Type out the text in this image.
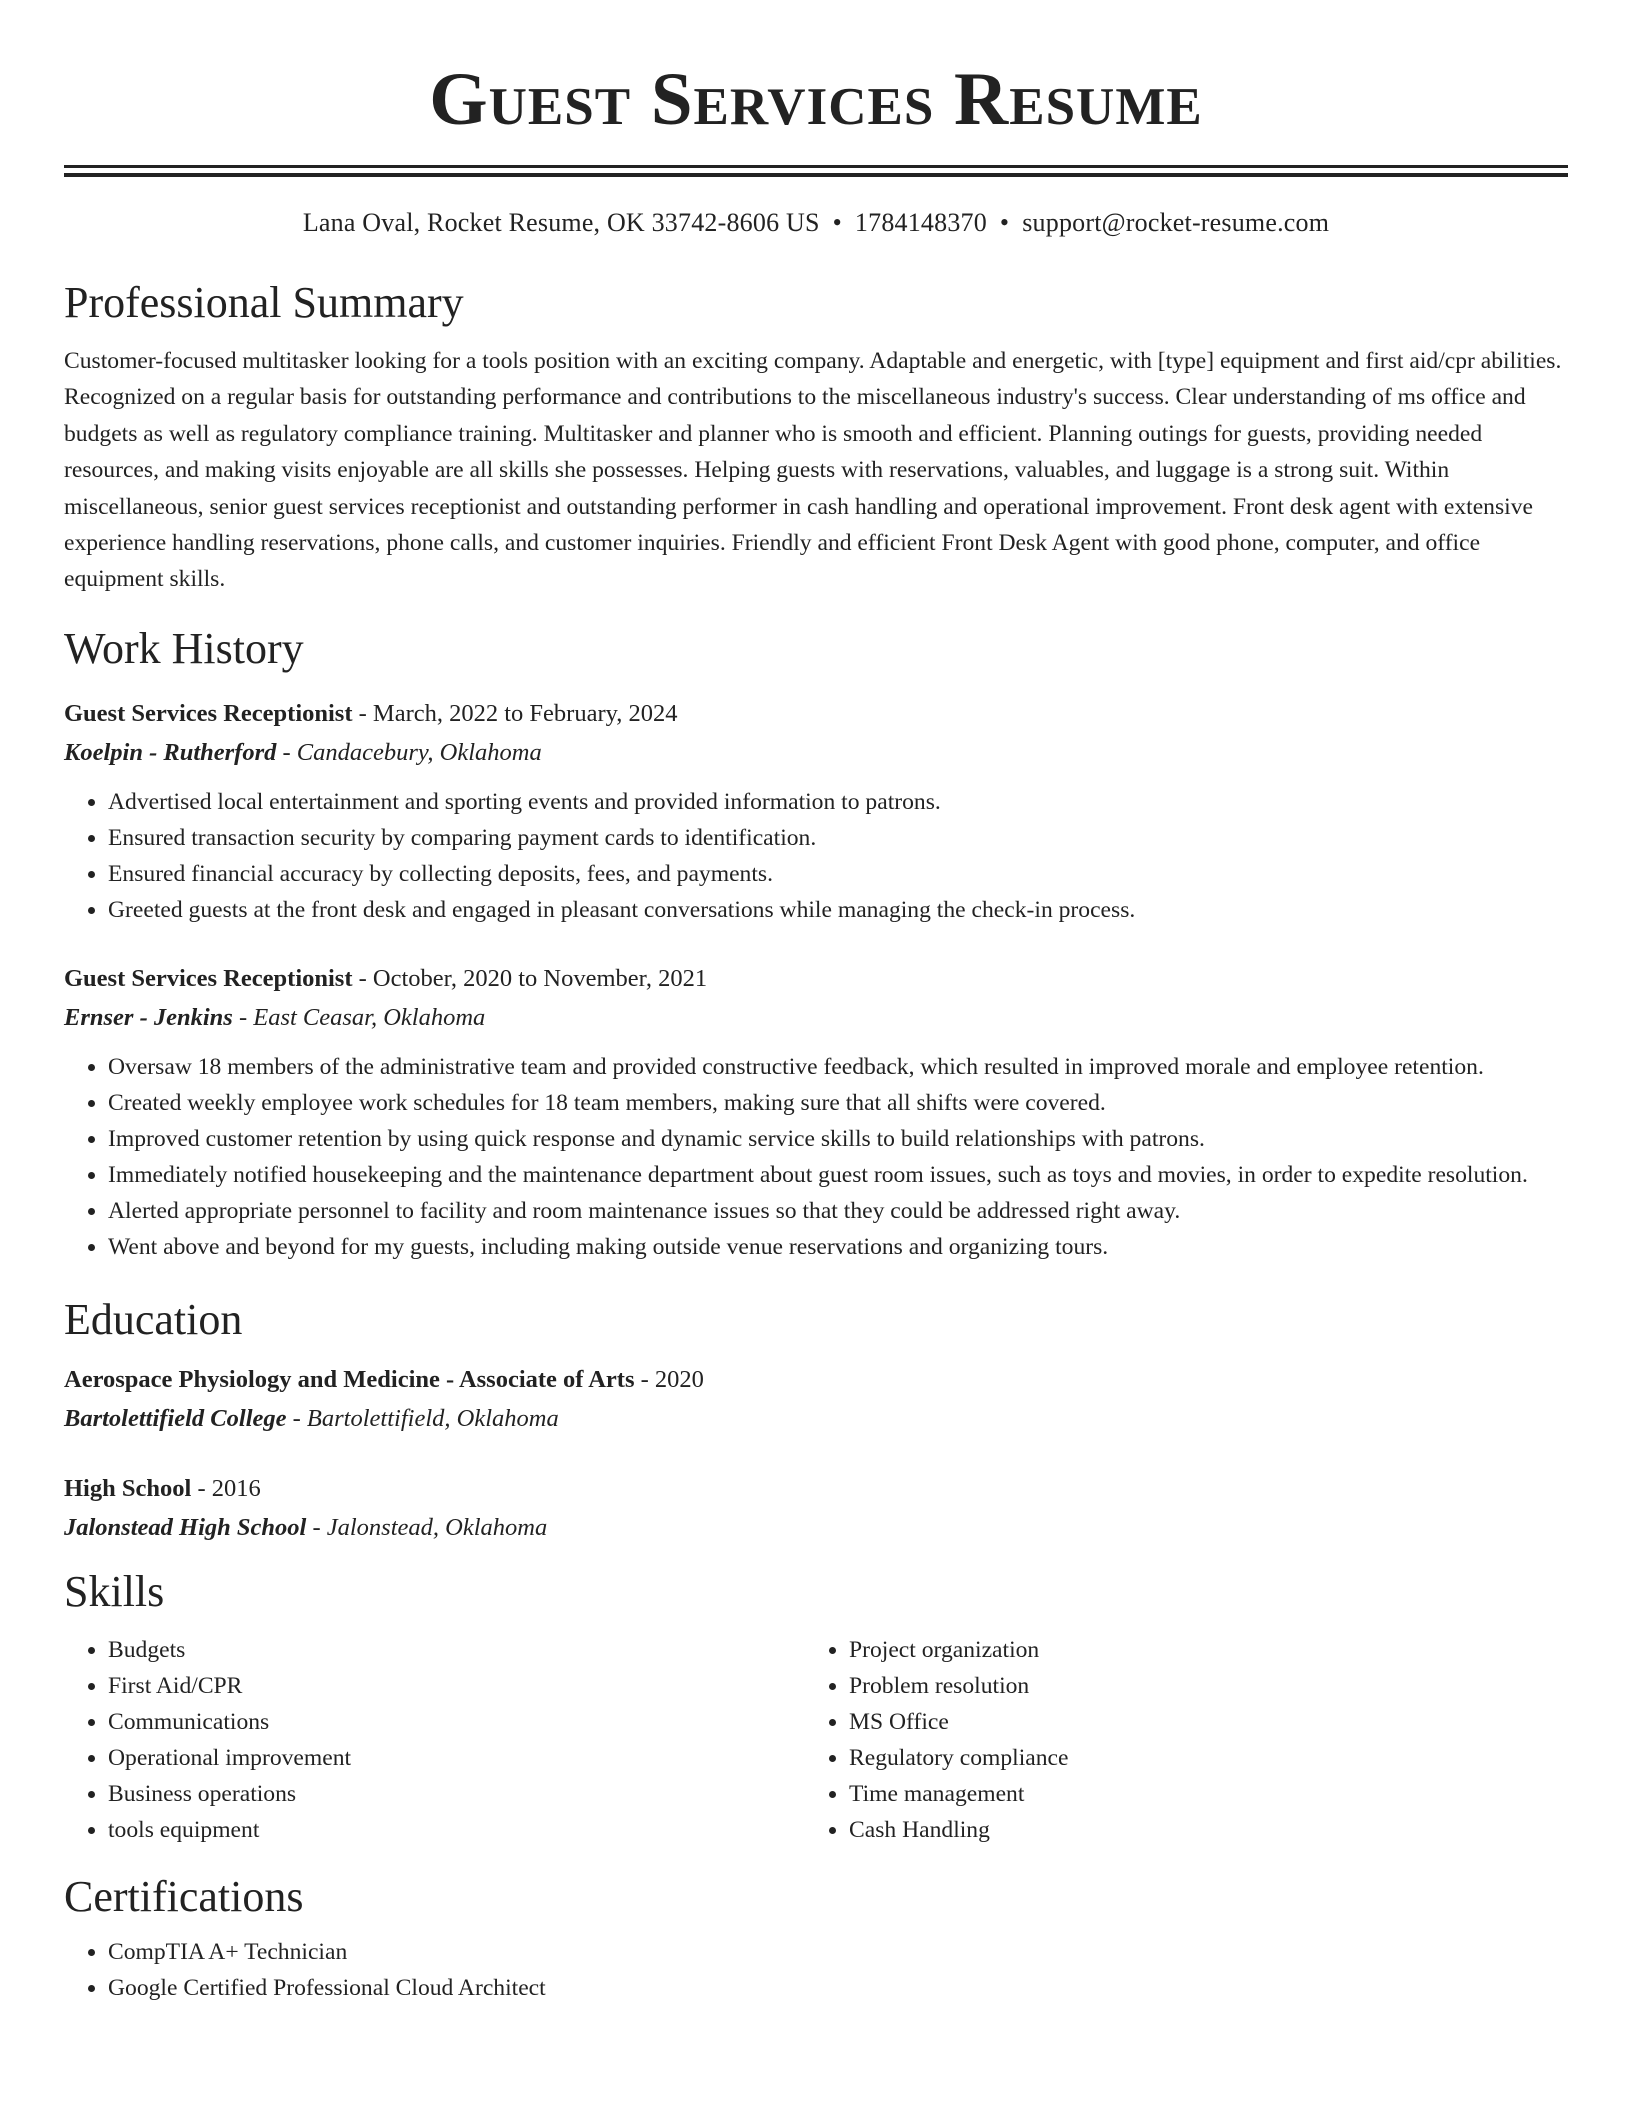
Guest Services Resume
Lana Oval, Rocket Resume, OK 33742-8606 US • 1784148370 • support@rocket-resume.com
Professional Summary

Customer-focused multitasker looking for a tools position with an exciting company. Adaptable and energetic, with [type] equipment and first aid/cpr abilities. Recognized on a regular basis for outstanding performance and contributions to the miscellaneous industry's success. Clear understanding of ms office and budgets as well as regulatory compliance training. Multitasker and planner who is smooth and efficient. Planning outings for guests, providing needed resources, and making visits enjoyable are all skills she possesses. Helping guests with reservations, valuables, and luggage is a strong suit. Within miscellaneous, senior guest services receptionist and outstanding performer in cash handling and operational improvement. Front desk agent with extensive experience handling reservations, phone calls, and customer inquiries. Friendly and efficient Front Desk Agent with good phone, computer, and office equipment skills.

Work History
Guest Services Receptionist - March, 2022 to February, 2024
Koelpin - Rutherford - Candacebury, Oklahoma
• Advertised local entertainment and sporting events and provided information to patrons.
• Ensured transaction security by comparing payment cards to identification.
• Ensured financial accuracy by collecting deposits, fees, and payments.
• Greeted guests at the front desk and engaged in pleasant conversations while managing the check-in process.
Guest Services Receptionist - October, 2020 to November, 2021
Ernser - Jenkins - East Ceasar, Oklahoma
• Oversaw 18 members of the administrative team and provided constructive feedback, which resulted in improved morale and employee retention.
• Created weekly employee work schedules for 18 team members, making sure that all shifts were covered.
• Improved customer retention by using quick response and dynamic service skills to build relationships with patrons.
• Immediately notified housekeeping and the maintenance department about guest room issues, such as toys and movies, in order to expedite resolution.
• Alerted appropriate personnel to facility and room maintenance issues so that they could be addressed right away.
• Went above and beyond for my guests, including making outside venue reservations and organizing tours.
Education
Aerospace Physiology and Medicine - Associate of Arts - 2020
Bartolettifield College - Bartolettifield, Oklahoma
High School - 2016
Jalonstead High School - Jalonstead, Oklahoma
Skills
• Budgets
• First Aid/CPR
• Communications
• Operational improvement
• Business operations
• tools equipment
• Project organization
• Problem resolution
• MS Office
• Regulatory compliance
• Time management
• Cash Handling
Certifications
• CompTIA A+ Technician
• Google Certified Professional Cloud Architect
